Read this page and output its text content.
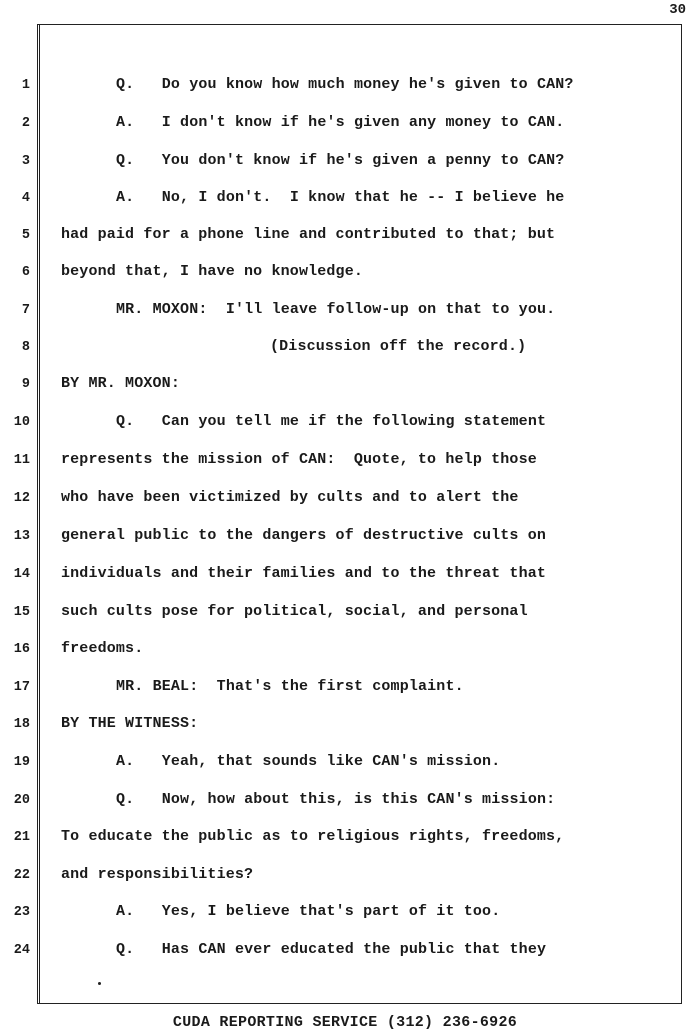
30
1	Q.   Do you know how much money he's given to CAN?
2	A.   I don't know if he's given any money to CAN.
3	Q.   You don't know if he's given a penny to CAN?
4	A.   No, I don't.  I know that he -- I believe he
5 had paid for a phone line and contributed to that; but
6 beyond that, I have no knowledge.
7	MR. MOXON:  I'll leave follow-up on that to you.
8	(Discussion off the record.)
9 BY MR. MOXON:
10	Q.   Can you tell me if the following statement
11 represents the mission of CAN:  Quote, to help those
12 who have been victimized by cults and to alert the
13 general public to the dangers of destructive cults on
14 individuals and their families and to the threat that
15 such cults pose for political, social, and personal
16 freedoms.
17	MR. BEAL:  That's the first complaint.
18 BY THE WITNESS:
19	A.   Yeah, that sounds like CAN's mission.
20	Q.   Now, how about this, is this CAN's mission:
21 To educate the public as to religious rights, freedoms,
22 and responsibilities?
23	A.   Yes, I believe that's part of it too.
24	Q.   Has CAN ever educated the public that they
CUDA REPORTING SERVICE (312) 236-6926
